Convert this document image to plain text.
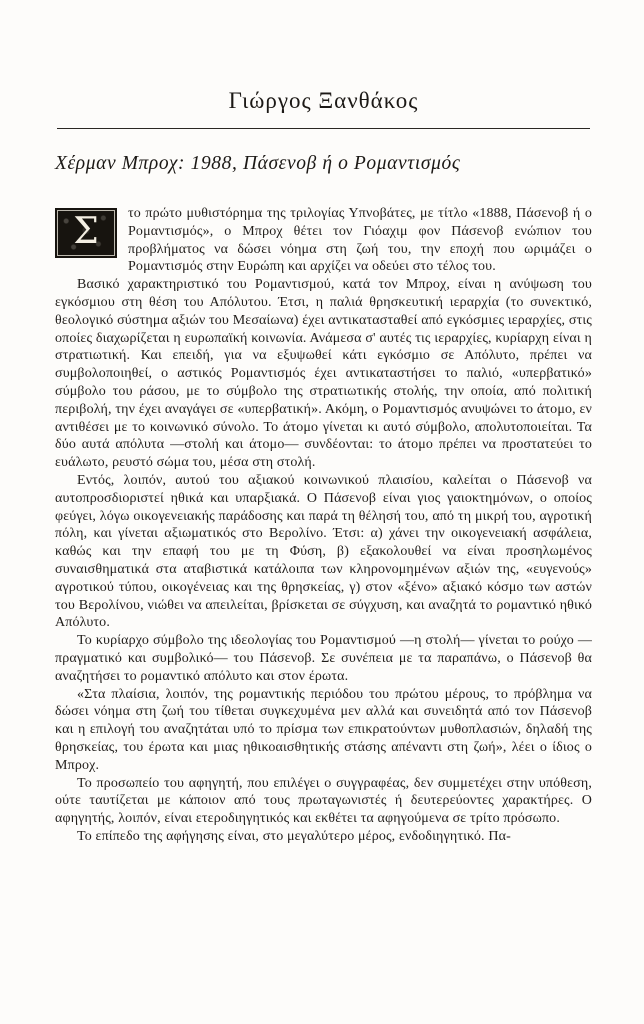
Γιώργος Ξανθάκος
Χέρμαν Μπροχ: 1988, Πάσενοβ ή ο Ρομαντισμός

Σ	το πρώτο μυθιστόρημα της τριλογίας Υπνοβάτες, με τίτλο «1888, Πάσενοβ ή ο Ρομαντισμός», ο Μπροχ θέτει τον Γιόαχιμ φον Πάσενοβ ενώπιον του προβλήματος να δώσει νόημα στη ζωή του, την εποχή που ωριμάζει ο Ρομαντισμός στην Ευρώπη και αρχίζει να οδεύει στο τέλος του.

Βασικό χαρακτηριστικό του Ρομαντισμού, κατά τον Μπροχ, είναι η ανύψωση του εγκόσμιου στη θέση του Απόλυτου. Έτσι, η παλιά θρησκευτική ιεραρχία (το συνεκτικό, θεολογικό σύστημα αξιών του Μεσαίωνα) έχει αντικατασταθεί από εγκόσμιες ιεραρχίες, στις οποίες διαχωρίζεται η ευρωπαϊκή κοινωνία. Ανάμεσα σ' αυτές τις ιεραρχίες, κυρίαρχη είναι η στρατιωτική. Και επειδή, για να εξυψωθεί κάτι εγκόσμιο σε Απόλυτο, πρέπει να συμβολοποιηθεί, ο αστικός Ρομαντισμός έχει αντικαταστήσει το παλιό, «υπερβατικό» σύμβολο του ράσου, με το σύμβολο της στρατιωτικής στολής, την οποία, από πολιτική περιβολή, την έχει αναγάγει σε «υπερβατική». Ακόμη, ο Ρομαντισμός ανυψώνει το άτομο, εν αντιθέσει με το κοινωνικό σύνολο. Το άτομο γίνεται κι αυτό σύμβολο, απολυτοποιείται. Τα δύο αυτά απόλυτα —στολή και άτομο— συνδέονται: το άτομο πρέπει να προστατεύει το ευάλωτο, ρευστό σώμα του, μέσα στη στολή.

Εντός, λοιπόν, αυτού του αξιακού κοινωνικού πλαισίου, καλείται ο Πάσενοβ να αυτοπροσδιοριστεί ηθικά και υπαρξιακά. Ο Πάσενοβ είναι γιος γαιοκτημόνων, ο οποίος φεύγει, λόγω οικογενειακής παράδοσης και παρά τη θέλησή του, από τη μικρή του, αγροτική πόλη, και γίνεται αξιωματικός στο Βερολίνο. Έτσι: α) χάνει την οικογενειακή ασφάλεια, καθώς και την επαφή του με τη Φύση, β) εξακολουθεί να είναι προσηλωμένος συναισθηματικά στα αταβιστικά κατάλοιπα των κληρονομημένων αξιών της, «ευγενούς» αγροτικού τύπου, οικογένειας και της θρησκείας, γ) στον «ξένο» αξιακό κόσμο των αστών του Βερολίνου, νιώθει να απειλείται, βρίσκεται σε σύγχυση, και αναζητά το ρομαντικό ηθικό Απόλυτο.

Το κυρίαρχο σύμβολο της ιδεολογίας του Ρομαντισμού —η στολή— γίνεται το ρούχο —πραγματικό και συμβολικό— του Πάσενοβ. Σε συνέπεια με τα παραπάνω, ο Πάσενοβ θα αναζητήσει το ρομαντικό απόλυτο και στον έρωτα.

«Στα πλαίσια, λοιπόν, της ρομαντικής περιόδου του πρώτου μέρους, το πρόβλημα να δώσει νόημα στη ζωή του τίθεται συγκεχυμένα μεν αλλά και συνειδητά από τον Πάσενοβ και η επιλογή του αναζητάται υπό το πρίσμα των επικρατούντων μυθοπλασιών, δηλαδή της θρησκείας, του έρωτα και μιας ηθικοαισθητικής στάσης απέναντι στη ζωή», λέει ο ίδιος ο Μπροχ.

Το προσωπείο του αφηγητή, που επιλέγει ο συγγραφέας, δεν συμμετέχει στην υπόθεση, ούτε ταυτίζεται με κάποιον από τους πρωταγωνιστές ή δευτερεύοντες χαρακτήρες. Ο αφηγητής, λοιπόν, είναι ετεροδιηγητικός και εκθέτει τα αφηγούμενα σε τρίτο πρόσωπο.

Το επίπεδο της αφήγησης είναι, στο μεγαλύτερο μέρος, ενδοδιηγητικό. Πα-
